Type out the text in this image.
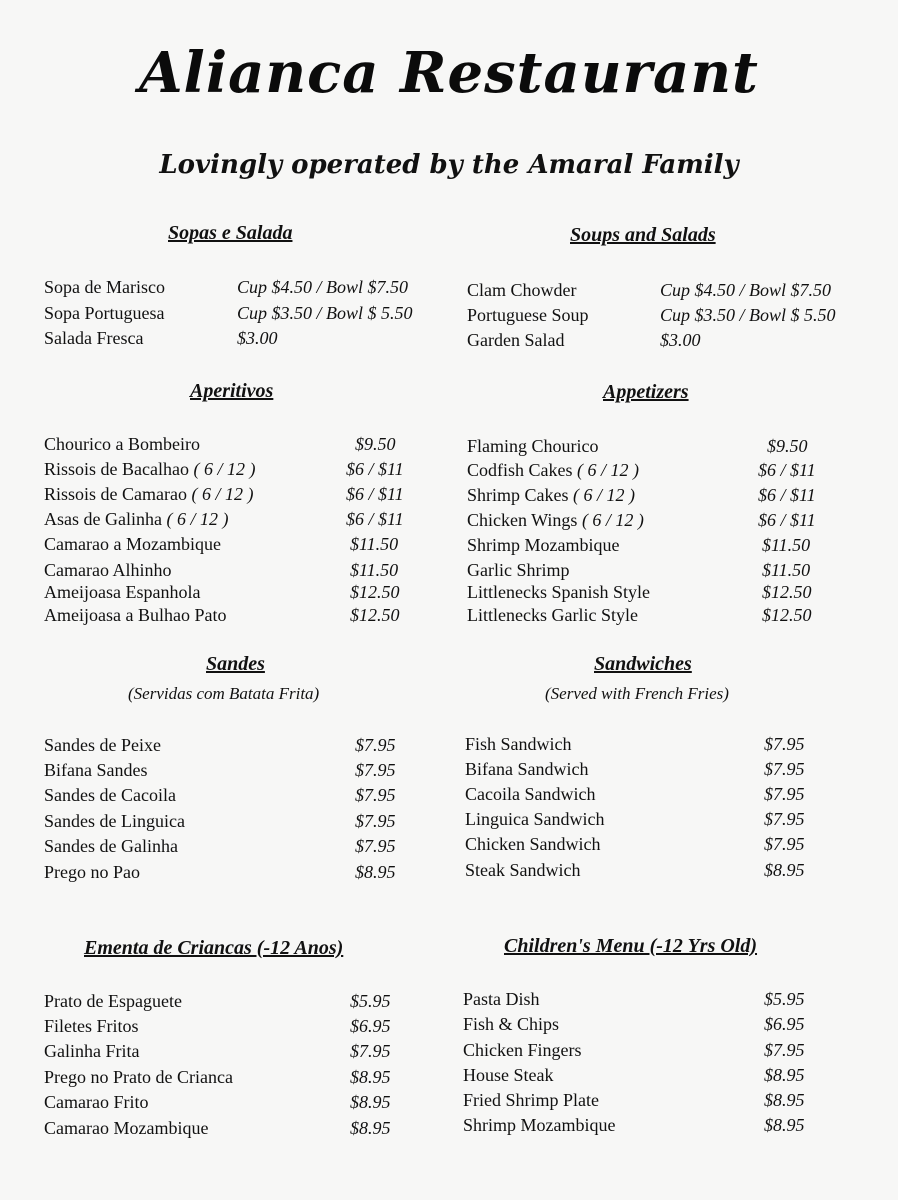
Alianca Restaurant
Lovingly operated by the Amaral Family
Sopas e Salada
Sopa de Marisco	Cup $4.50 / Bowl $7.50
Sopa Portuguesa	Cup $3.50 / Bowl $ 5.50
Salada Fresca	$3.00
Aperitivos
Chourico a Bombeiro	$9.50
Rissois de Bacalhao ( 6 / 12 )	$6 / $11
Rissois de Camarao ( 6 / 12 )	$6 / $11
Asas de Galinha ( 6 / 12 )	$6 / $11
Camarao a Mozambique	$11.50
Camarao Alhinho	$11.50
Ameijoasa Espanhola	$12.50
Ameijoasa a Bulhao Pato	$12.50
Sandes
(Servidas com Batata Frita)
Sandes de Peixe	$7.95
Bifana Sandes	$7.95
Sandes de Cacoila	$7.95
Sandes de Linguica	$7.95
Sandes de Galinha	$7.95
Prego no Pao	$8.95
Ementa de Criancas (-12 Anos)
Prato de Espaguete	$5.95
Filetes Fritos	$6.95
Galinha Frita	$7.95
Prego no Prato de Crianca	$8.95
Camarao Frito	$8.95
Camarao Mozambique	$8.95
Soups and Salads
Clam Chowder	Cup $4.50 / Bowl $7.50
Portuguese Soup	Cup $3.50 / Bowl $ 5.50
Garden Salad	$3.00
Appetizers
Flaming Chourico	$9.50
Codfish Cakes ( 6 / 12 )	$6 / $11
Shrimp Cakes ( 6 / 12 )	$6 / $11
Chicken Wings ( 6 / 12 )	$6 / $11
Shrimp Mozambique	$11.50
Garlic Shrimp	$11.50
Littlenecks Spanish Style	$12.50
Littlenecks Garlic Style	$12.50
Sandwiches
(Served with French Fries)
Fish Sandwich	$7.95
Bifana Sandwich	$7.95
Cacoila Sandwich	$7.95
Linguica Sandwich	$7.95
Chicken Sandwich	$7.95
Steak Sandwich	$8.95
Children's Menu (-12 Yrs Old)
Pasta Dish	$5.95
Fish & Chips	$6.95
Chicken Fingers	$7.95
House Steak	$8.95
Fried Shrimp Plate	$8.95
Shrimp Mozambique	$8.95
